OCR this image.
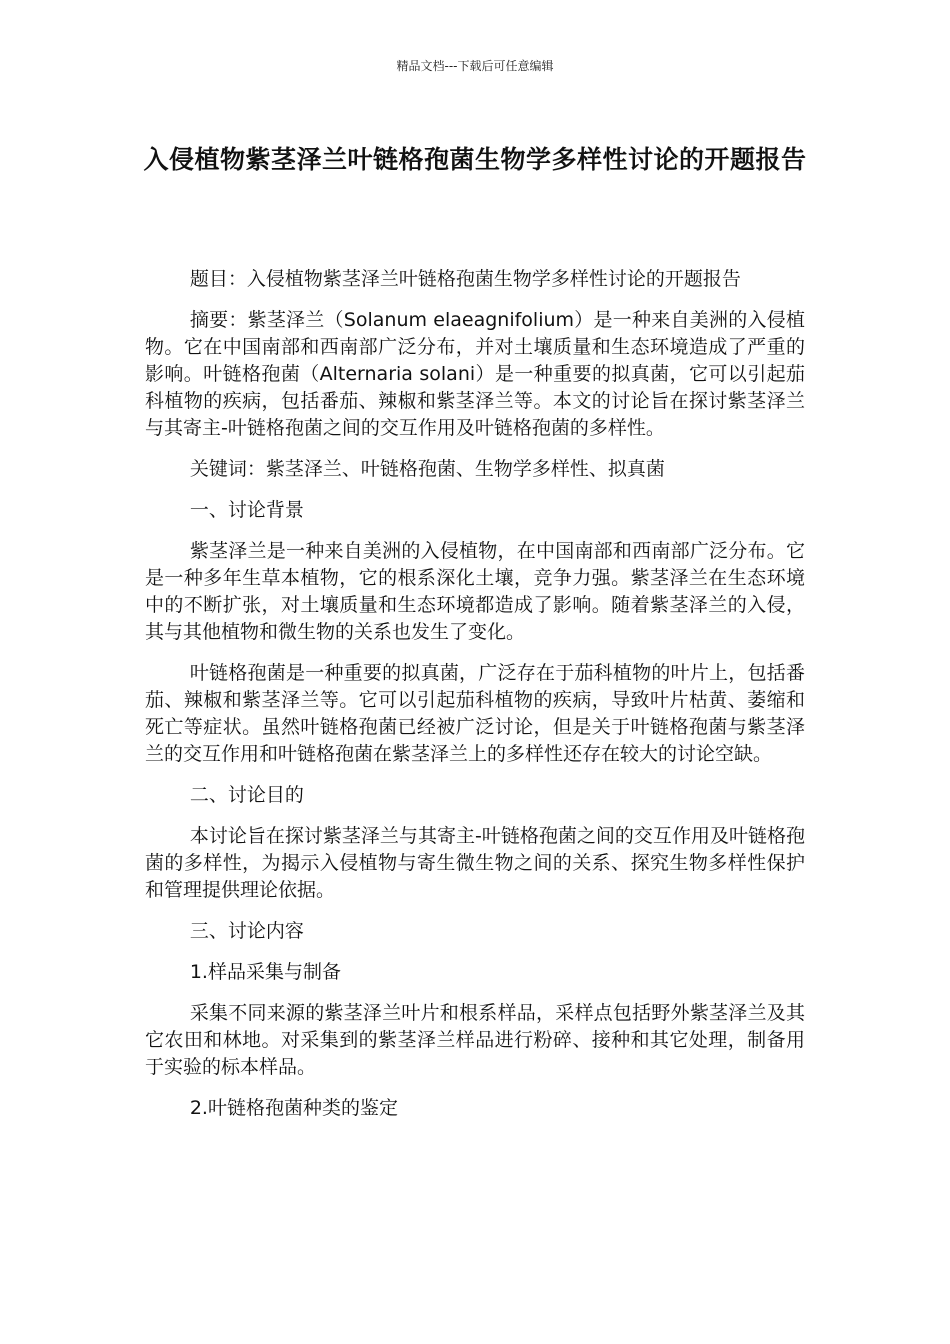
精品文档---下载后可任意编辑
入侵植物紫茎泽兰叶链格孢菌生物学多样性讨论的开题报告

题目：入侵植物紫茎泽兰叶链格孢菌生物学多样性讨论的开题报告

摘要：紫茎泽兰（Solanum elaeagnifolium）是一种来自美洲的入侵植物。它在中国南部和西南部广泛分布，并对土壤质量和生态环境造成了严重的影响。叶链格孢菌（Alternaria solani）是一种重要的拟真菌，它可以引起茄科植物的疾病，包括番茄、辣椒和紫茎泽兰等。本文的讨论旨在探讨紫茎泽兰与其寄主-叶链格孢菌之间的交互作用及叶链格孢菌的多样性。

关键词：紫茎泽兰、叶链格孢菌、生物学多样性、拟真菌

一、讨论背景

紫茎泽兰是一种来自美洲的入侵植物，在中国南部和西南部广泛分布。它是一种多年生草本植物，它的根系深化土壤，竞争力强。紫茎泽兰在生态环境中的不断扩张，对土壤质量和生态环境都造成了影响。随着紫茎泽兰的入侵，其与其他植物和微生物的关系也发生了变化。

叶链格孢菌是一种重要的拟真菌，广泛存在于茄科植物的叶片上，包括番茄、辣椒和紫茎泽兰等。它可以引起茄科植物的疾病，导致叶片枯黄、萎缩和死亡等症状。虽然叶链格孢菌已经被广泛讨论，但是关于叶链格孢菌与紫茎泽兰的交互作用和叶链格孢菌在紫茎泽兰上的多样性还存在较大的讨论空缺。

二、讨论目的

本讨论旨在探讨紫茎泽兰与其寄主-叶链格孢菌之间的交互作用及叶链格孢菌的多样性，为揭示入侵植物与寄生微生物之间的关系、探究生物多样性保护和管理提供理论依据。

三、讨论内容

1.样品采集与制备

采集不同来源的紫茎泽兰叶片和根系样品，采样点包括野外紫茎泽兰及其它农田和林地。对采集到的紫茎泽兰样品进行粉碎、接种和其它处理，制备用于实验的标本样品。

2.叶链格孢菌种类的鉴定
